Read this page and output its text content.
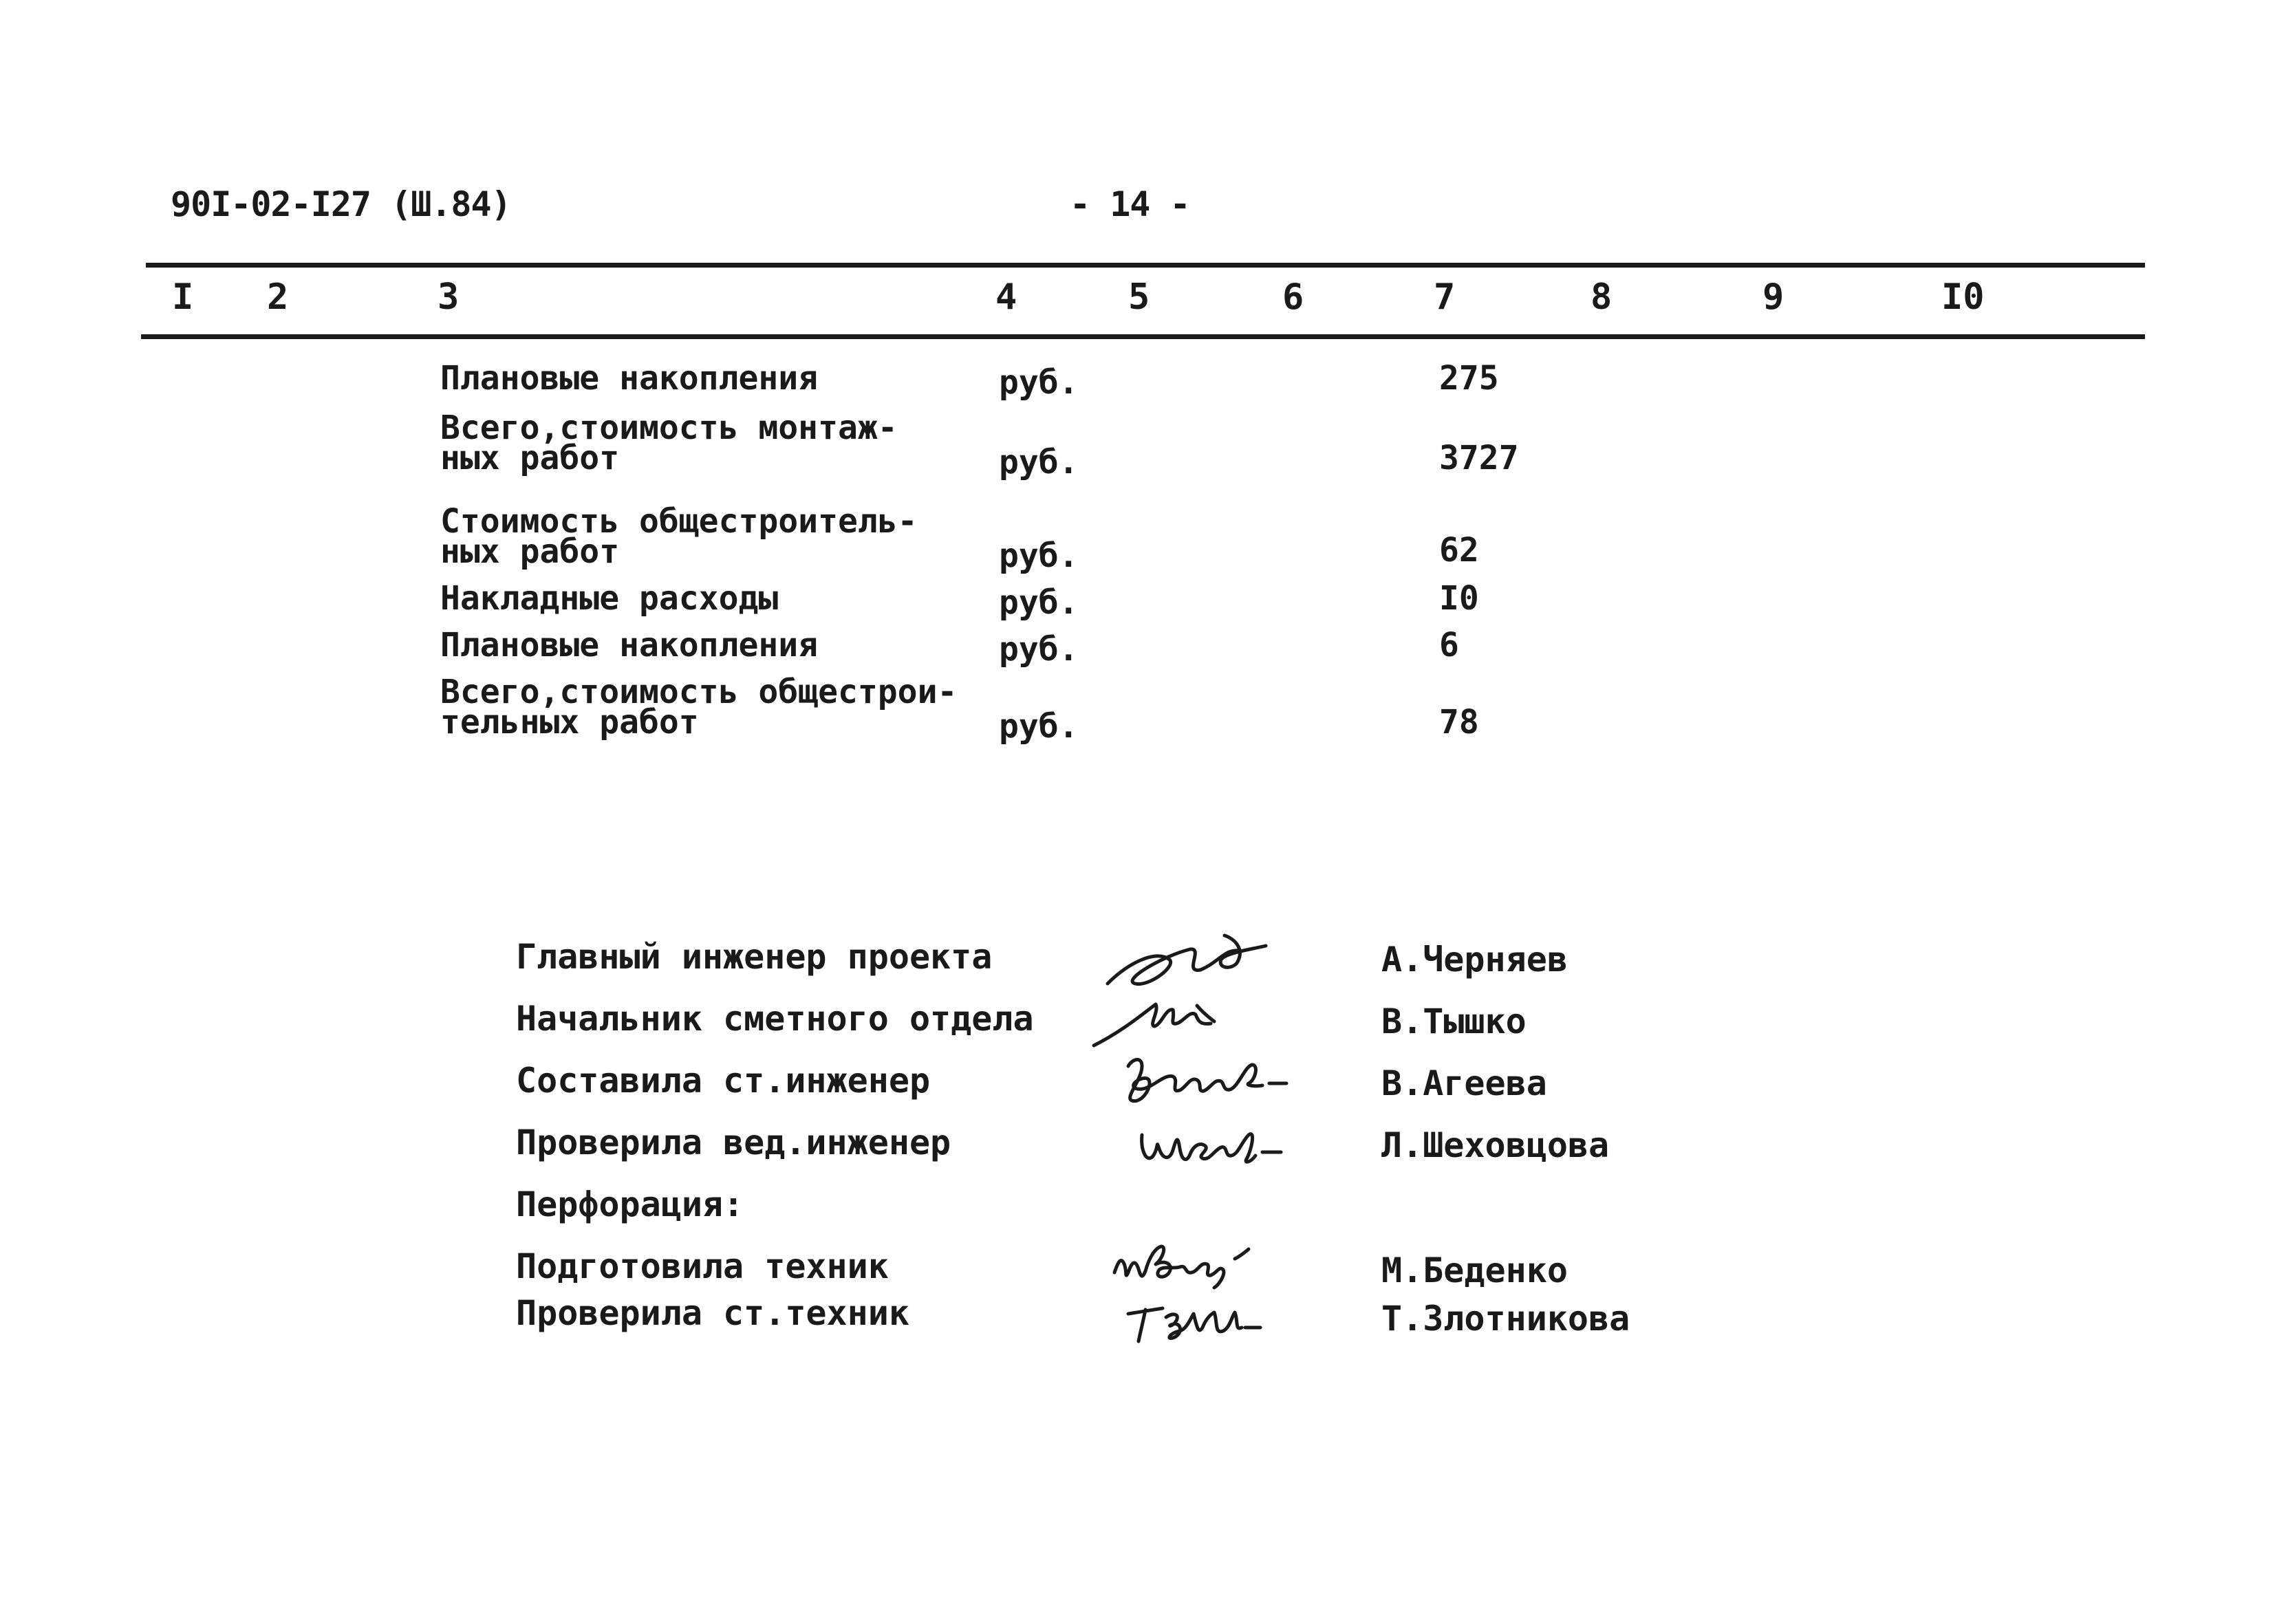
90I-02-I27 (Ш.84)	- 14 -
I 2	3	4	5	6	7	8	9	I0
Плановые накопления	руб.	275
Всего,стоимость монтаж-
ных работ	руб.	3727
Стоимость общестроитель-
ных работ	руб.	62
Накладные расходы	руб.	I0
Плановые накопления	руб.	6
Всего,стоимость общестрои-
тельных работ	руб.	78
Главный инженер проекта	А.Черняев
Начальник сметного отдела	В.Тышко
Составила ст.инженер	В.Агеева
Проверила вед.инженер	Л.Шеховцова
Перфорация:
Подготовила техник	М.Беденко
Проверила ст.техник	Т.Злотникова
